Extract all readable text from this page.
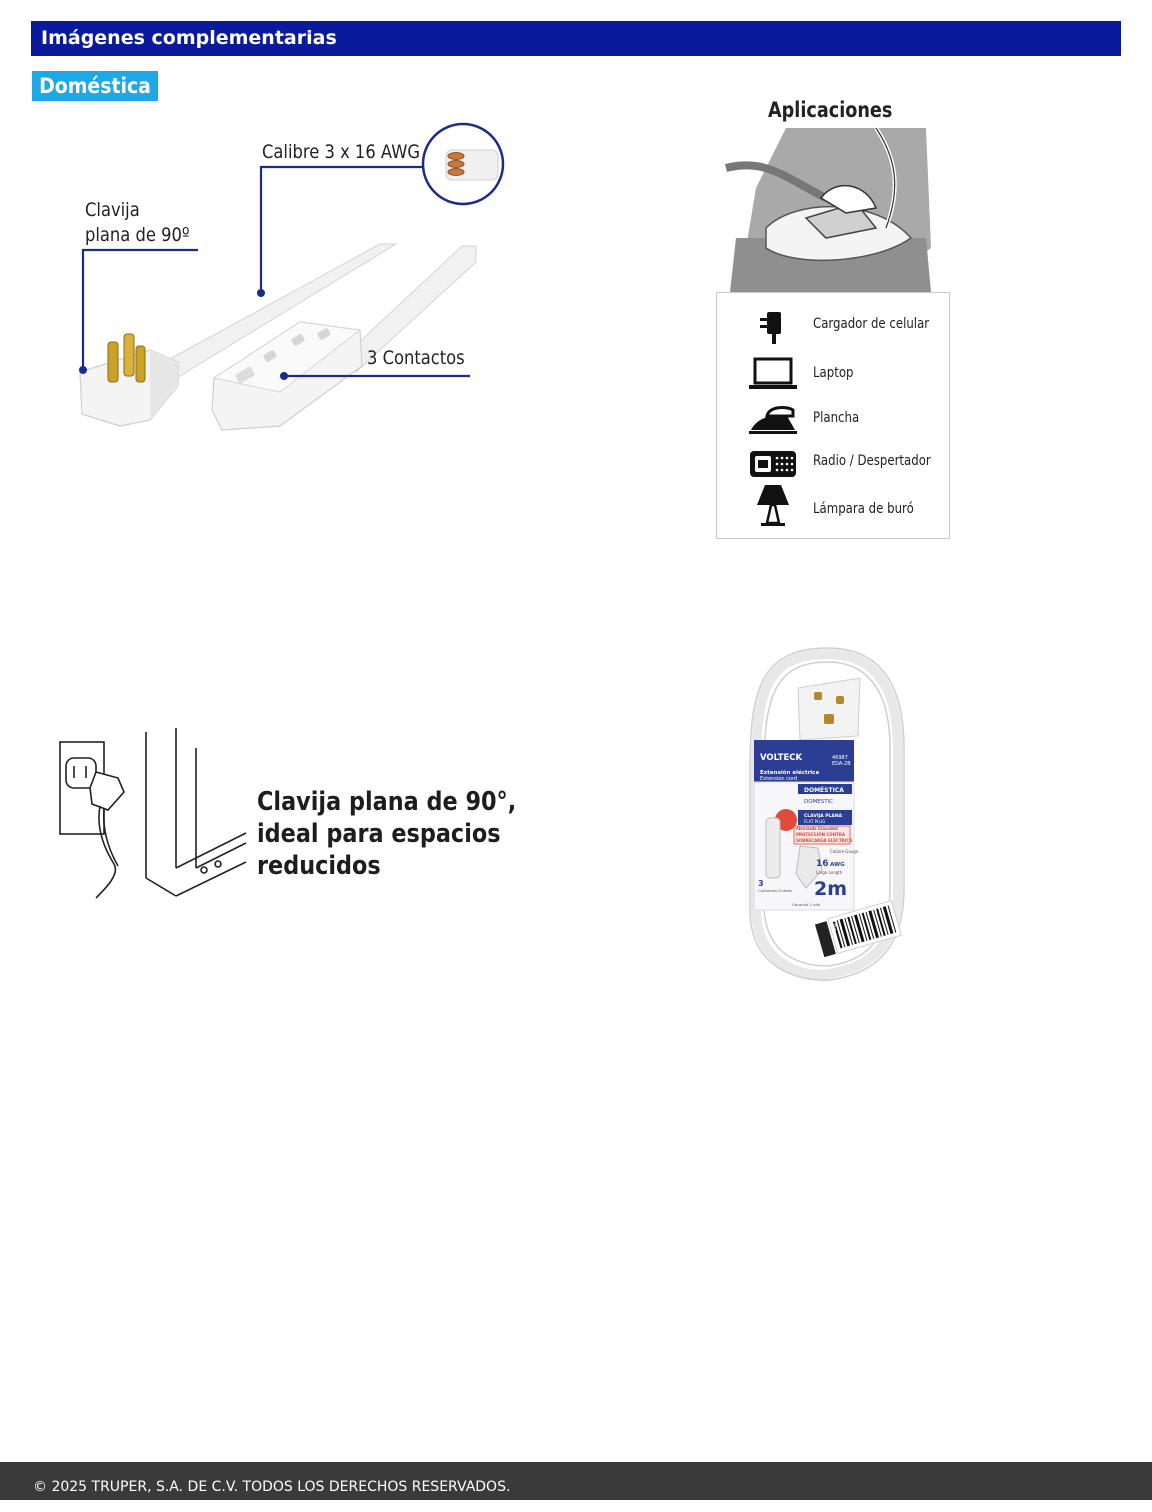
Imágenes complementarias
Doméstica
Calibre 3 x 16 AWG
Clavija
plana de 90º
3 Contactos
Aplicaciones
Cargador de celular
Laptop
Plancha
Radio / Despertador
Lámpara de buró
Clavija plana de 90°,
ideal para espacios
reducidos
VOLTECK	46987
EDA-2B
Extensión eléctrica
Extension cord
DOMÉSTICA
CLAVIJA PLANA
FLAT PLUG
DOMESTIC
Aterrizada Grounded
PROTECCIÓN CONTRA
SOBRECARGA ELÉCTRICA
Calibre Gauge
16 AWG
Largo Length
2m
3
Contactos Outlets
Garantía 1 año
46987
© 2025 TRUPER, S.A. DE C.V. TODOS LOS DERECHOS RESERVADOS.
